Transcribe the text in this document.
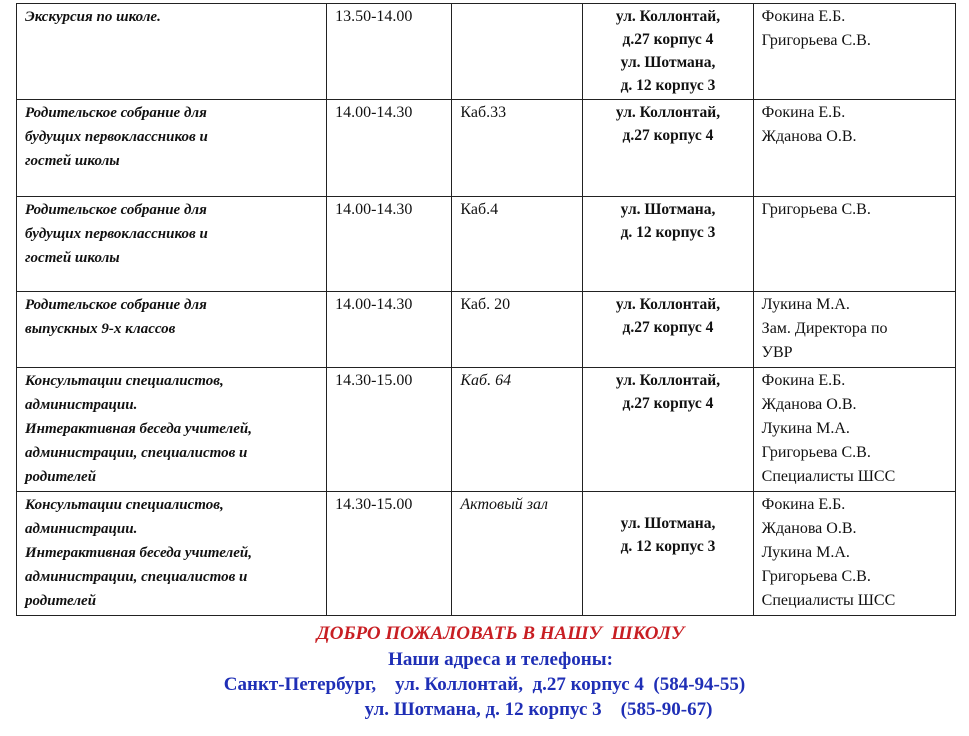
Экскурсия по школе.	13.50-14.00		ул. Коллонтай,
д.27 корпус 4
ул. Шотмана,
д. 12 корпус 3	Фокина Е.Б.
Григорьева С.В.

Родительское собрание для
будущих первоклассников и
гостей школы	14.00-14.30	Каб.33	ул. Коллонтай,
д.27 корпус 4	Фокина Е.Б.
Жданова О.В.

Родительское собрание для
будущих первоклассников и
гостей школы	14.00-14.30	Каб.4	ул. Шотмана,
д. 12 корпус 3	Григорьева С.В.

Родительское собрание для
выпускных 9-х классов	14.00-14.30	Каб. 20	ул. Коллонтай,
д.27 корпус 4	Лукина М.А.
Зам. Директора по
УВР

Консультации специалистов,
администрации.
Интерактивная беседа учителей,
администрации, специалистов и
родителей	14.30-15.00	Каб. 64	ул. Коллонтай,
д.27 корпус 4	Фокина Е.Б.
Жданова О.В.
Лукина М.А.
Григорьева С.В.
Специалисты ШСС

Консультации специалистов,
администрации.
Интерактивная беседа учителей,
администрации, специалистов и
родителей	14.30-15.00	Актовый зал	ул. Шотмана,
д. 12 корпус 3	Фокина Е.Б.
Жданова О.В.
Лукина М.А.
Григорьева С.В.
Специалисты ШСС
ДОБРО ПОЖАЛОВАТЬ В НАШУ  ШКОЛУ
Наши адреса и телефоны:
Санкт-Петербург,    ул. Коллонтай,  д.27 корпус 4  (584-94-55)
ул. Шотмана, д. 12 корпус 3    (585-90-67)
